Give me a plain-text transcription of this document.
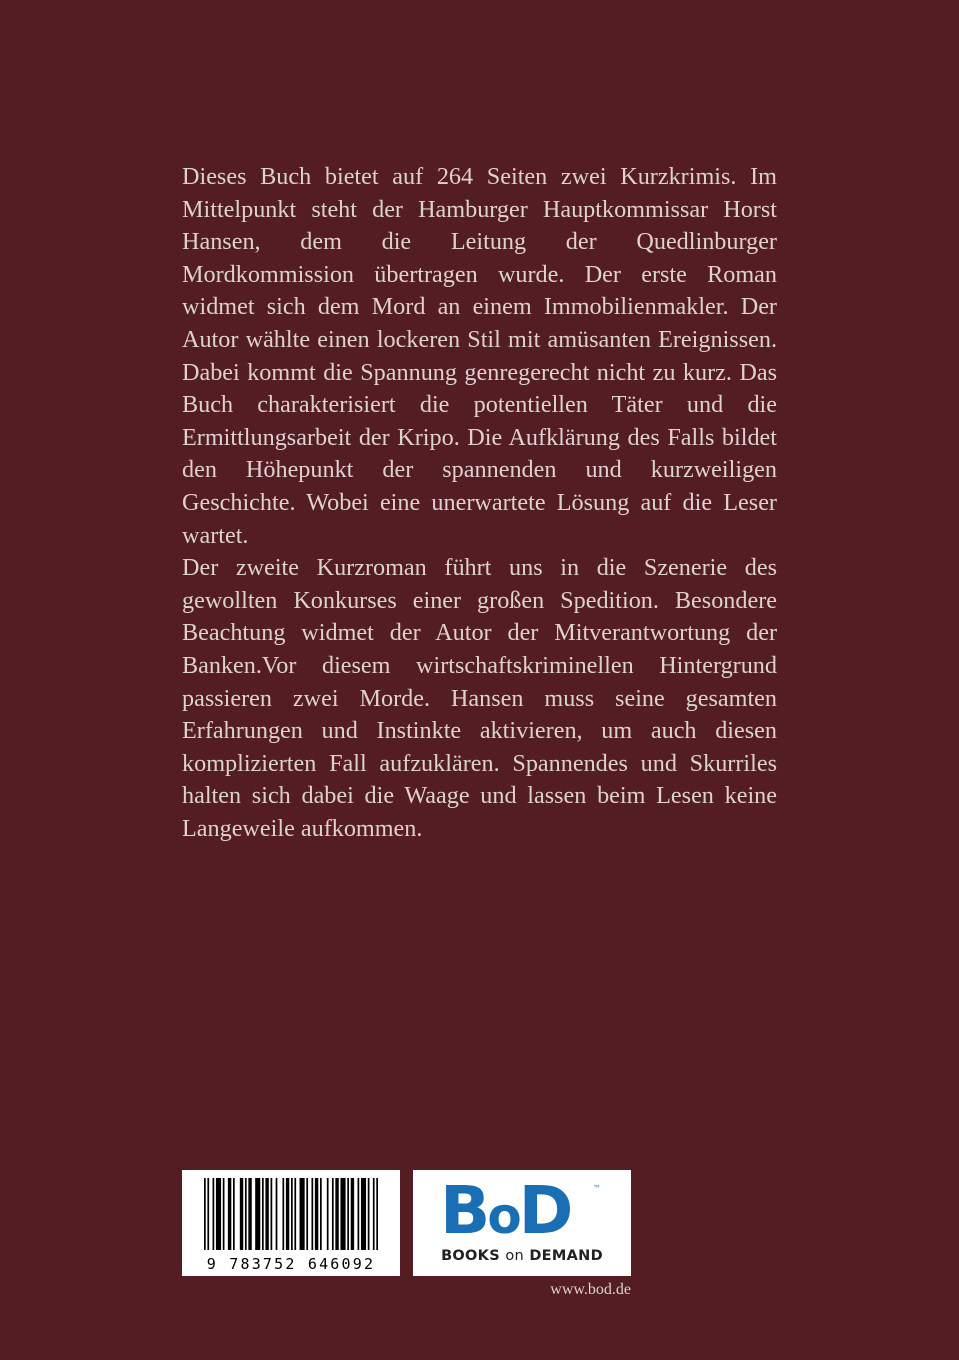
Dieses Buch bietet auf 264 Seiten zwei Kurzkrimis. Im Mittelpunkt steht der Hamburger Hauptkommissar Horst Hansen, dem die Leitung der Quedlinburger Mordkommission übertragen wurde. Der erste Roman widmet sich dem Mord an einem Immobilienmakler. Der Autor wählte einen lockeren Stil mit amüsanten Ereignissen. Dabei kommt die Spannung genregerecht nicht zu kurz. Das Buch charakterisiert die potentiellen Täter und die Ermittlungsarbeit der Kripo. Die Aufklärung des Falls bildet den Höhepunkt der spannenden und kurzweiligen Geschichte. Wobei eine unerwartete Lösung auf die Leser wartet.

Der zweite Kurzroman führt uns in die Szenerie des gewollten Konkurses einer großen Spedition. Besondere Beachtung widmet der Autor der Mitverantwortung der Banken.Vor diesem wirtschaftskriminellen Hintergrund passieren zwei Morde. Hansen muss seine gesamten Erfahrungen und Instinkte aktivieren, um auch diesen komplizierten Fall aufzuklären. Spannendes und Skurriles halten sich dabei die Waage und lassen beim Lesen keine Langeweile aufkommen.

9 783752 646092
BoD	™
BOOKS on DEMAND
www.bod.de
